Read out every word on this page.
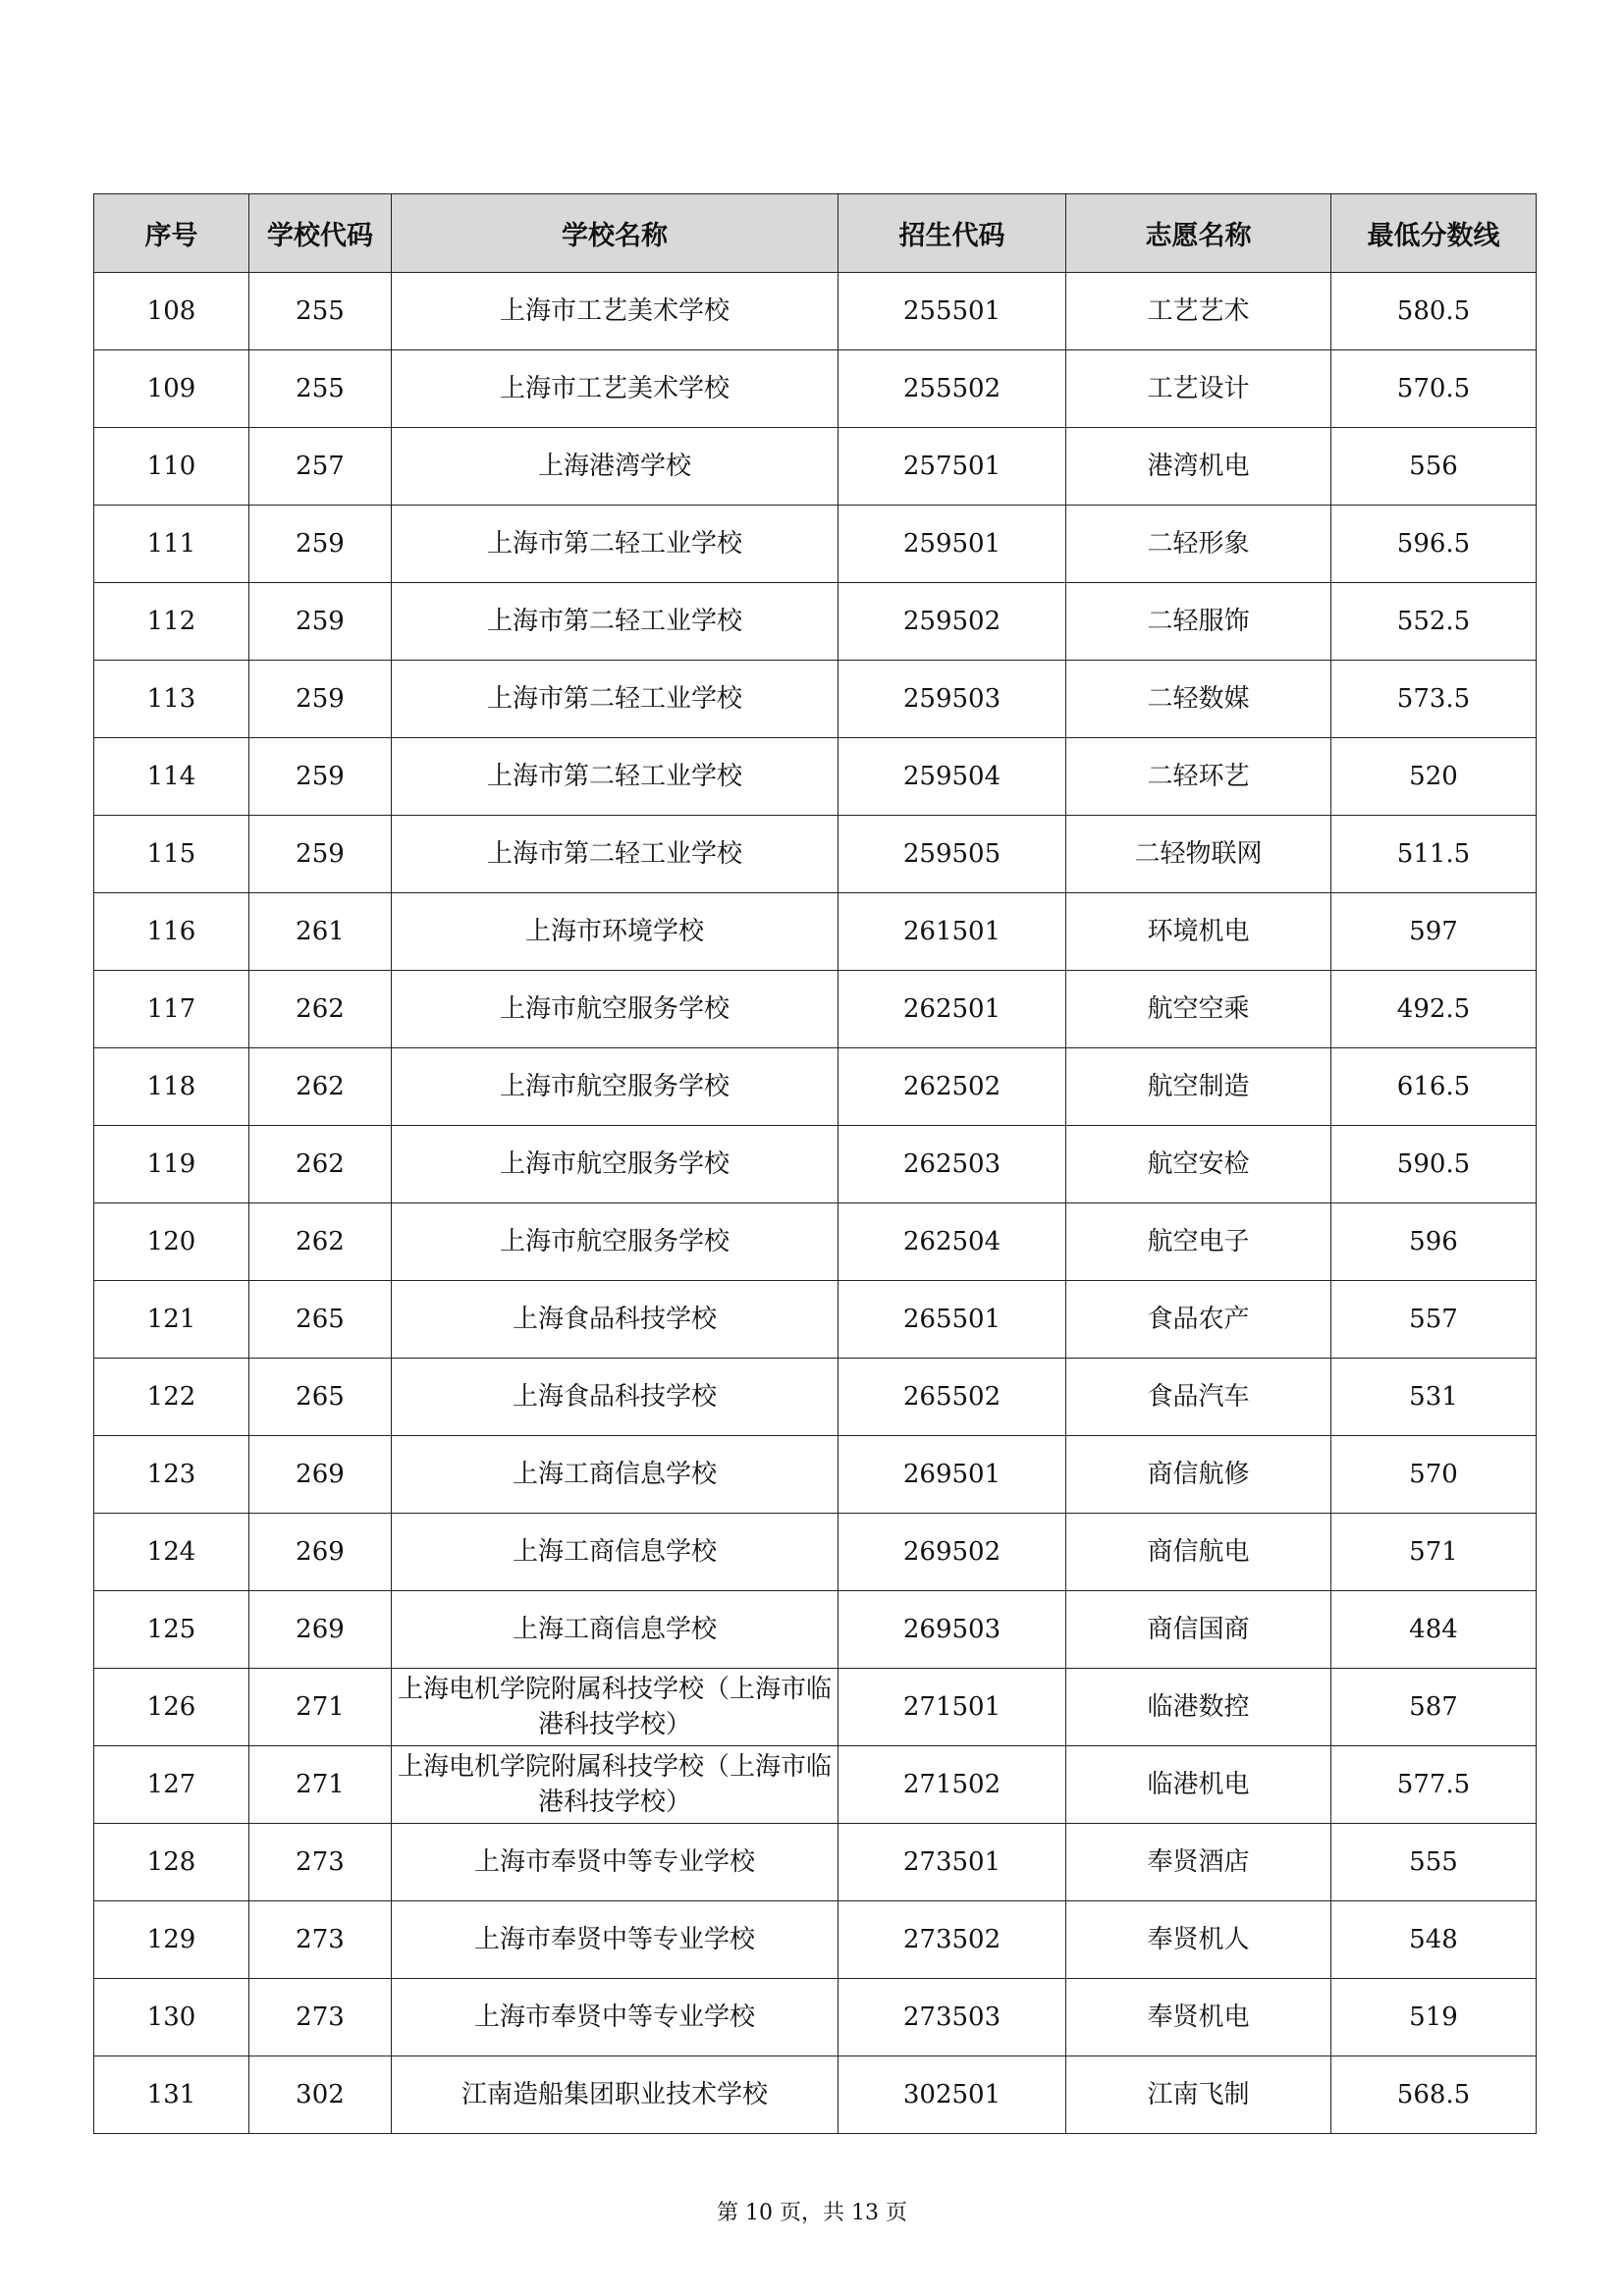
序号	学校代码	学校名称	招生代码	志愿名称	最低分数线
108	255	上海市工艺美术学校	255501	工艺艺术	580.5
109	255	上海市工艺美术学校	255502	工艺设计	570.5
110	257	上海港湾学校	257501	港湾机电	556
111	259	上海市第二轻工业学校	259501	二轻形象	596.5
112	259	上海市第二轻工业学校	259502	二轻服饰	552.5
113	259	上海市第二轻工业学校	259503	二轻数媒	573.5
114	259	上海市第二轻工业学校	259504	二轻环艺	520
115	259	上海市第二轻工业学校	259505	二轻物联网	511.5
116	261	上海市环境学校	261501	环境机电	597
117	262	上海市航空服务学校	262501	航空空乘	492.5
118	262	上海市航空服务学校	262502	航空制造	616.5
119	262	上海市航空服务学校	262503	航空安检	590.5
120	262	上海市航空服务学校	262504	航空电子	596
121	265	上海食品科技学校	265501	食品农产	557
122	265	上海食品科技学校	265502	食品汽车	531
123	269	上海工商信息学校	269501	商信航修	570
124	269	上海工商信息学校	269502	商信航电	571
125	269	上海工商信息学校	269503	商信国商	484
126	271	上海电机学院附属科技学校（上海市临港科技学校）	271501	临港数控	587
127	271	上海电机学院附属科技学校（上海市临港科技学校）	271502	临港机电	577.5
128	273	上海市奉贤中等专业学校	273501	奉贤酒店	555
129	273	上海市奉贤中等专业学校	273502	奉贤机人	548
130	273	上海市奉贤中等专业学校	273503	奉贤机电	519
131	302	江南造船集团职业技术学校	302501	江南飞制	568.5
第 10 页，共 13 页
